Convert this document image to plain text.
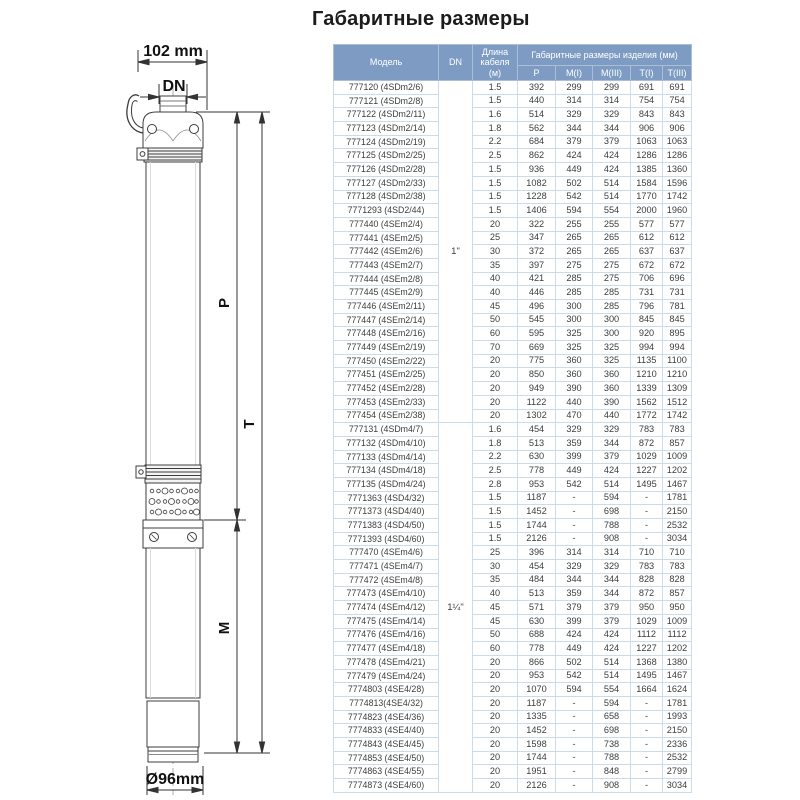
Габаритные размеры
102 mm
DN
P
T
M
Ø96mm
Модель	DN	Длина кабеля (м)	Габаритные размеры изделия (мм)				
			P	M(I)	M(III)	T(I)	T(III)
777120 (4SDm2/6)	1"	1.5	392	299	299	691	691
777121 (4SDm2/8)		1.5	440	314	314	754	754
777122 (4SDm2/11)		1.6	514	329	329	843	843
777123 (4SDm2/14)		1.8	562	344	344	906	906
777124 (4SDm2/19)		2.2	684	379	379	1063	1063
777125 (4SDm2/25)		2.5	862	424	424	1286	1286
777126 (4SDm2/28)		1.5	936	449	424	1385	1360
777127 (4SDm2/33)		1.5	1082	502	514	1584	1596
777128 (4SDm2/38)		1.5	1228	542	514	1770	1742
7771293 (4SD2/44)		1.5	1406	594	554	2000	1960
777440 (4SEm2/4)		20	322	255	255	577	577
777441 (4SEm2/5)		25	347	265	265	612	612
777442 (4SEm2/6)		30	372	265	265	637	637
777443 (4SEm2/7)		35	397	275	275	672	672
777444 (4SEm2/8)		40	421	285	275	706	696
777445 (4SEm2/9)		40	446	285	285	731	731
777446 (4SEm2/11)		45	496	300	285	796	781
777447 (4SEm2/14)		50	545	300	300	845	845
777448 (4SEm2/16)		60	595	325	300	920	895
777449 (4SEm2/19)		70	669	325	325	994	994
777450 (4SEm2/22)		20	775	360	325	1135	1100
777451 (4SEm2/25)		20	850	360	360	1210	1210
777452 (4SEm2/28)		20	949	390	360	1339	1309
777453 (4SEm2/33)		20	1122	440	390	1562	1512
777454 (4SEm2/38)		20	1302	470	440	1772	1742
777131 (4SDm4/7)	1¼"	1.6	454	329	329	783	783
777132 (4SDm4/10)		1.8	513	359	344	872	857
777133 (4SDm4/14)		2.2	630	399	379	1029	1009
777134 (4SDm4/18)		2.5	778	449	424	1227	1202
777135 (4SDm4/24)		2.8	953	542	514	1495	1467
7771363 (4SD4/32)		1.5	1187	-	594	-	1781
7771373 (4SD4/40)		1.5	1452	-	698	-	2150
7771383 (4SD4/50)		1.5	1744	-	788	-	2532
7771393 (4SD4/60)		1.5	2126	-	908	-	3034
777470 (4SEm4/6)		25	396	314	314	710	710
777471 (4SEm4/7)		30	454	329	329	783	783
777472 (4SEm4/8)		35	484	344	344	828	828
777473 (4SEm4/10)		40	513	359	344	872	857
777474 (4SEm4/12)		45	571	379	379	950	950
777475 (4SEm4/14)		45	630	399	379	1029	1009
777476 (4SEm4/16)		50	688	424	424	1112	1112
777477 (4SEm4/18)		60	778	449	424	1227	1202
777478 (4SEm4/21)		20	866	502	514	1368	1380
777479 (4SEm4/24)		20	953	542	514	1495	1467
7774803 (4SE4/28)		20	1070	594	554	1664	1624
7774813(4SE4/32)		20	1187	-	594	-	1781
7774823 (4SE4/36)		20	1335	-	658	-	1993
7774833 (4SE4/40)		20	1452	-	698	-	2150
7774843 (4SE4/45)		20	1598	-	738	-	2336
7774853 (4SE4/50)		20	1744	-	788	-	2532
7774863 (4SE4/55)		20	1951	-	848	-	2799
7774873 (4SE4/60)		20	2126	-	908	-	3034
